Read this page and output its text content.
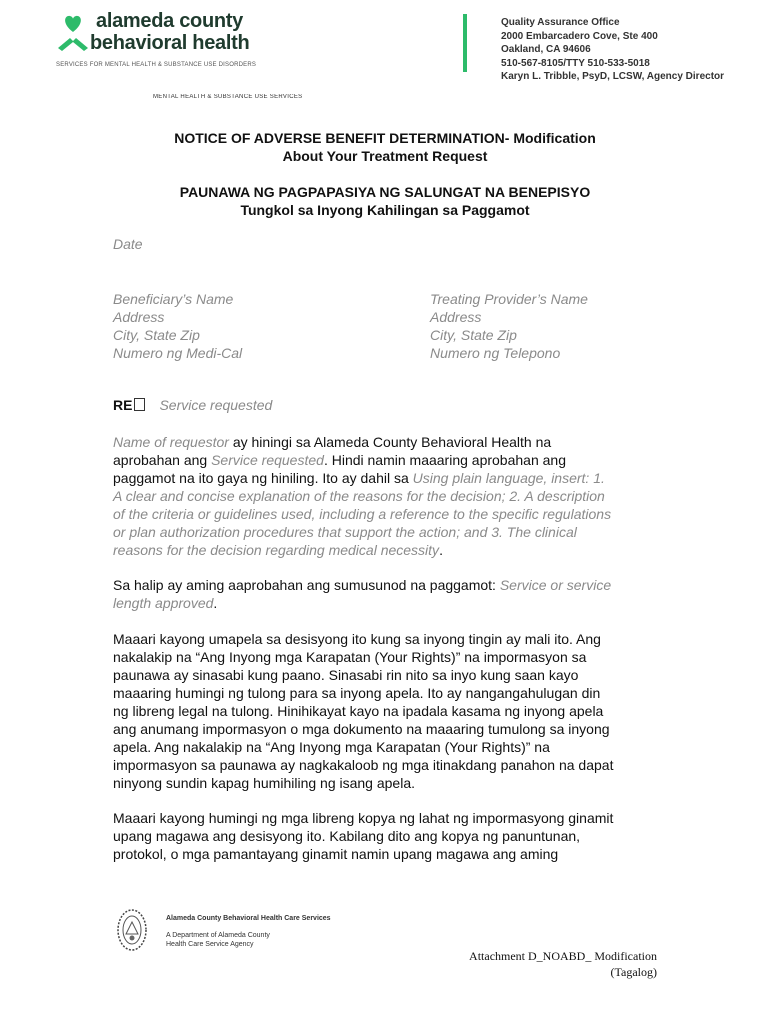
alameda county
behavioral health
SERVICES FOR MENTAL HEALTH & SUBSTANCE USE DISORDERS
MENTAL HEALTH & SUBSTANCE USE SERVICES
Quality Assurance Office
2000 Embarcadero Cove, Ste 400
Oakland, CA 94606
510-567-8105/TTY 510-533-5018
Karyn L. Tribble, PsyD, LCSW, Agency Director
NOTICE OF ADVERSE BENEFIT DETERMINATION- Modification
About Your Treatment Request
PAUNAWA NG PAGPAPASIYA NG SALUNGAT NA BENEPISYO
Tungkol sa Inyong Kahilingan sa Paggamot
Date
Beneficiary’s Name
Address
City, State Zip
Numero ng Medi-Cal
Treating Provider’s Name
Address
City, State Zip
Numero ng Telepono
RE Service requested
Name of requestor ay hiningi sa Alameda County Behavioral Health na
aprobahan ang Service requested. Hindi namin maaaring aprobahan ang
paggamot na ito gaya ng hiniling. Ito ay dahil sa Using plain language, insert: 1.
A clear and concise explanation of the reasons for the decision; 2. A description
of the criteria or guidelines used, including a reference to the specific regulations
or plan authorization procedures that support the action; and 3. The clinical
reasons for the decision regarding medical necessity.
Sa halip ay aming aaprobahan ang sumusunod na paggamot: Service or service
length approved.
Maaari kayong umapela sa desisyong ito kung sa inyong tingin ay mali ito. Ang
nakalakip na “Ang Inyong mga Karapatan (Your Rights)” na impormasyon sa
paunawa ay sinasabi kung paano. Sinasabi rin nito sa inyo kung saan kayo
maaaring humingi ng tulong para sa inyong apela. Ito ay nangangahulugan din
ng libreng legal na tulong. Hinihikayat kayo na ipadala kasama ng inyong apela
ang anumang impormasyon o mga dokumento na maaaring tumulong sa inyong
apela. Ang nakalakip na “Ang Inyong mga Karapatan (Your Rights)” na
impormasyon sa paunawa ay nagkakaloob ng mga itinakdang panahon na dapat
ninyong sundin kapag humihiling ng isang apela.
Maaari kayong humingi ng mga libreng kopya ng lahat ng impormasyong ginamit
upang magawa ang desisyong ito. Kabilang dito ang kopya ng panuntunan,
protokol, o mga pamantayang ginamit namin upang magawa ang aming
Alameda County Behavioral Health Care Services
A Department of Alameda County
Health Care Service Agency
Attachment D_NOABD_ Modification
(Tagalog)
